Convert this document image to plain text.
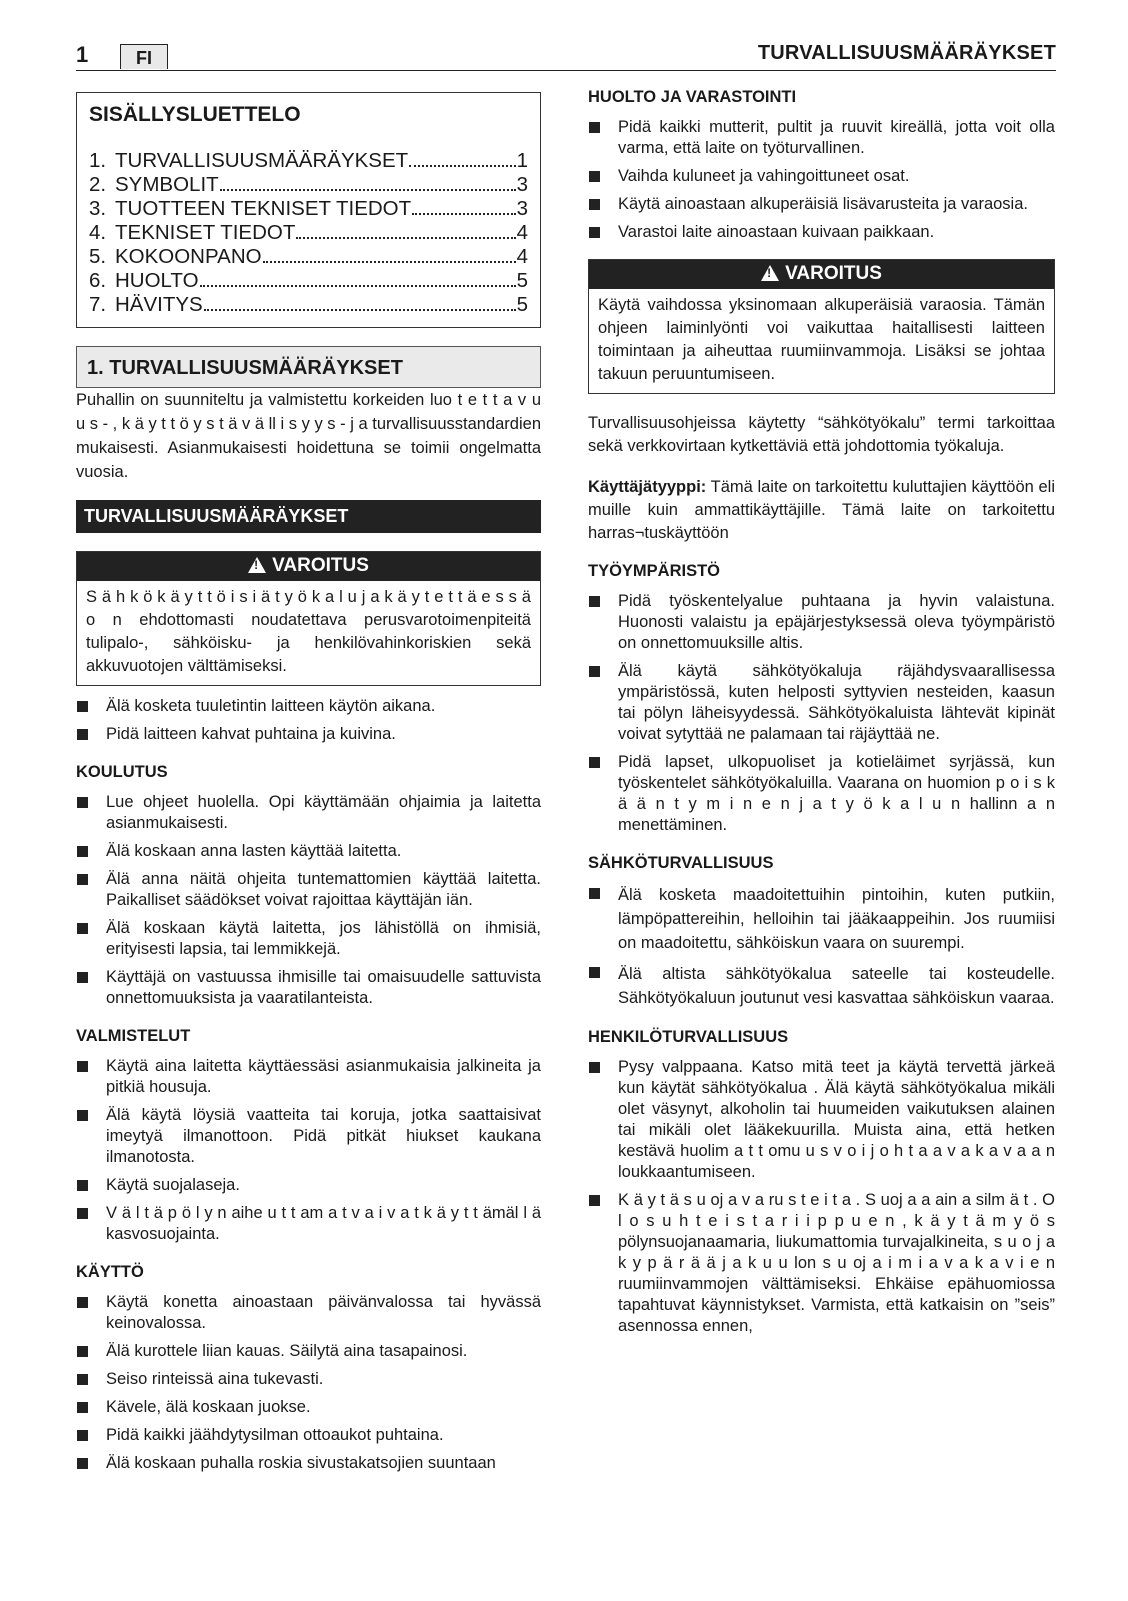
1	FI	TURVALLISUUSMÄÄRÄYKSET
SISÄLLYSLUETTELO
1. TURVALLISUUSMÄÄRÄYKSET	1
2. SYMBOLIT	3
3. TUOTTEEN TEKNISET TIEDOT	3
4. TEKNISET TIEDOT	4
5. KOKOONPANO	4
6. HUOLTO	5
7. HÄVITYS	5
1. TURVALLISUUSMÄÄRÄYKSET

Puhallin on suunniteltu ja valmistettu korkeiden luo t e t t a v u u s - , k ä y t t ö y s t ä v ä ll i s y y s - j a turvallisuusstandardien mukaisesti. Asianmukaisesti hoidettuna se toimii ongelmatta vuosia.

TURVALLISUUSMÄÄRÄYKSET
!VAROITUS
S ä h k ö k ä y t t ö i s i ä t y ö k a l u j a k ä y t e t t ä e s s ä o n ehdottomasti noudatettava perusvarotoimenpiteitä tulipalo-, sähköisku- ja henkilövahinkoriskien sekä akkuvuotojen välttämiseksi.
Älä kosketa tuuletintin laitteen käytön aikana.
Pidä laitteen kahvat puhtaina ja kuivina.
KOULUTUS
Lue ohjeet huolella. Opi käyttämään ohjaimia ja laitetta asianmukaisesti.
Älä koskaan anna lasten käyttää laitetta.
Älä anna näitä ohjeita tuntemattomien käyttää laitetta. Paikalliset säädökset voivat rajoittaa käyttäjän iän.
Älä koskaan käytä laitetta, jos lähistöllä on ihmisiä, erityisesti lapsia, tai lemmikkejä.
Käyttäjä on vastuussa ihmisille tai omaisuudelle sattuvista onnettomuuksista ja vaaratilanteista.
VALMISTELUT
Käytä aina laitetta käyttäessäsi asianmukaisia jalkineita ja pitkiä housuja.
Älä käytä löysiä vaatteita tai koruja, jotka saattaisivat imeytyä ilmanottoon. Pidä pitkät hiukset kaukana ilmanotosta.
Käytä suojalaseja.
V ä l t ä p ö l y n aihe u t t am a t v a i v a t k ä y t t ämäl l ä kasvosuojainta.
KÄYTTÖ
Käytä konetta ainoastaan päivänvalossa tai hyvässä keinovalossa.
Älä kurottele liian kauas. Säilytä aina tasapainosi.
Seiso rinteissä aina tukevasti.
Kävele, älä koskaan juokse.
Pidä kaikki jäähdytysilman ottoaukot puhtaina.
Älä koskaan puhalla roskia sivustakatsojien suuntaan
HUOLTO JA VARASTOINTI
Pidä kaikki mutterit, pultit ja ruuvit kireällä, jotta voit olla varma, että laite on työturvallinen.
Vaihda kuluneet ja vahingoittuneet osat.
Käytä ainoastaan alkuperäisiä lisävarusteita ja varaosia.
Varastoi laite ainoastaan kuivaan paikkaan.
!VAROITUS
Käytä vaihdossa yksinomaan alkuperäisiä varaosia. Tämän ohjeen laiminlyönti voi vaikuttaa haitallisesti laitteen toimintaan ja aiheuttaa ruumiinvammoja. Lisäksi se johtaa takuun peruuntumiseen.

Turvallisuusohjeissa käytetty “sähkötyökalu” termi tarkoittaa sekä verkkovirtaan kytkettäviä että johdottomia työkaluja.

Käyttäjätyyppi: Tämä laite on tarkoitettu kuluttajien käyttöön eli muille kuin ammattikäyttäjille. Tämä laite on tarkoitettu harras¬tuskäyttöön

TYÖYMPÄRISTÖ
Pidä työskentelyalue puhtaana ja hyvin valaistuna. Huonosti valaistu ja epäjärjestyksessä oleva työympäristö on onnettomuuksille altis.
Älä käytä sähkötyökaluja räjähdysvaarallisessa ympäristössä, kuten helposti syttyvien nesteiden, kaasun tai pölyn läheisyydessä. Sähkötyökaluista lähtevät kipinät voivat sytyttää ne palamaan tai räjäyttää ne.
Pidä lapset, ulkopuoliset ja kotieläimet syrjässä, kun työskentelet sähkötyökaluilla. Vaarana on huomion p o i s k ä ä n t y m i n e n j a t y ö k a l u n hallinn a n menettäminen.
SÄHKÖTURVALLISUUS
Älä kosketa maadoitettuihin pintoihin, kuten putkiin, lämpöpattereihin, helloihin tai jääkaappeihin. Jos ruumiisi on maadoitettu, sähköiskun vaara on suurempi.
Älä altista sähkötyökalua sateelle tai kosteudelle. Sähkötyökaluun joutunut vesi kasvattaa sähköiskun vaaraa.
HENKILÖTURVALLISUUS
Pysy valppaana. Katso mitä teet ja käytä tervettä järkeä kun käytät sähkötyökalua . Älä käytä sähkötyökalua mikäli olet väsynyt, alkoholin tai huumeiden vaikutuksen alainen tai mikäli olet lääkekuurilla. Muista aina, että hetken kestävä huolim a t t omu u s v o i j o h t a a v a k a v a a n loukkaantumiseen.
K ä y t ä s u oj a v a ru s t e i t a . S uoj a a ain a silm ä t . O l o s u h t e i s t a r i i p p u e n , k ä y t ä m y ö s pölynsuojanaamaria, liukumattomia turvajalkineita, s u o j a k y p ä r ä ä j a k u u lon s u oj a i m i a v a k a v i e n ruumiinvammojen välttämiseksi. Ehkäise epähuomiossa tapahtuvat käynnistykset. Varmista, että katkaisin on ”seis” asennossa ennen,
